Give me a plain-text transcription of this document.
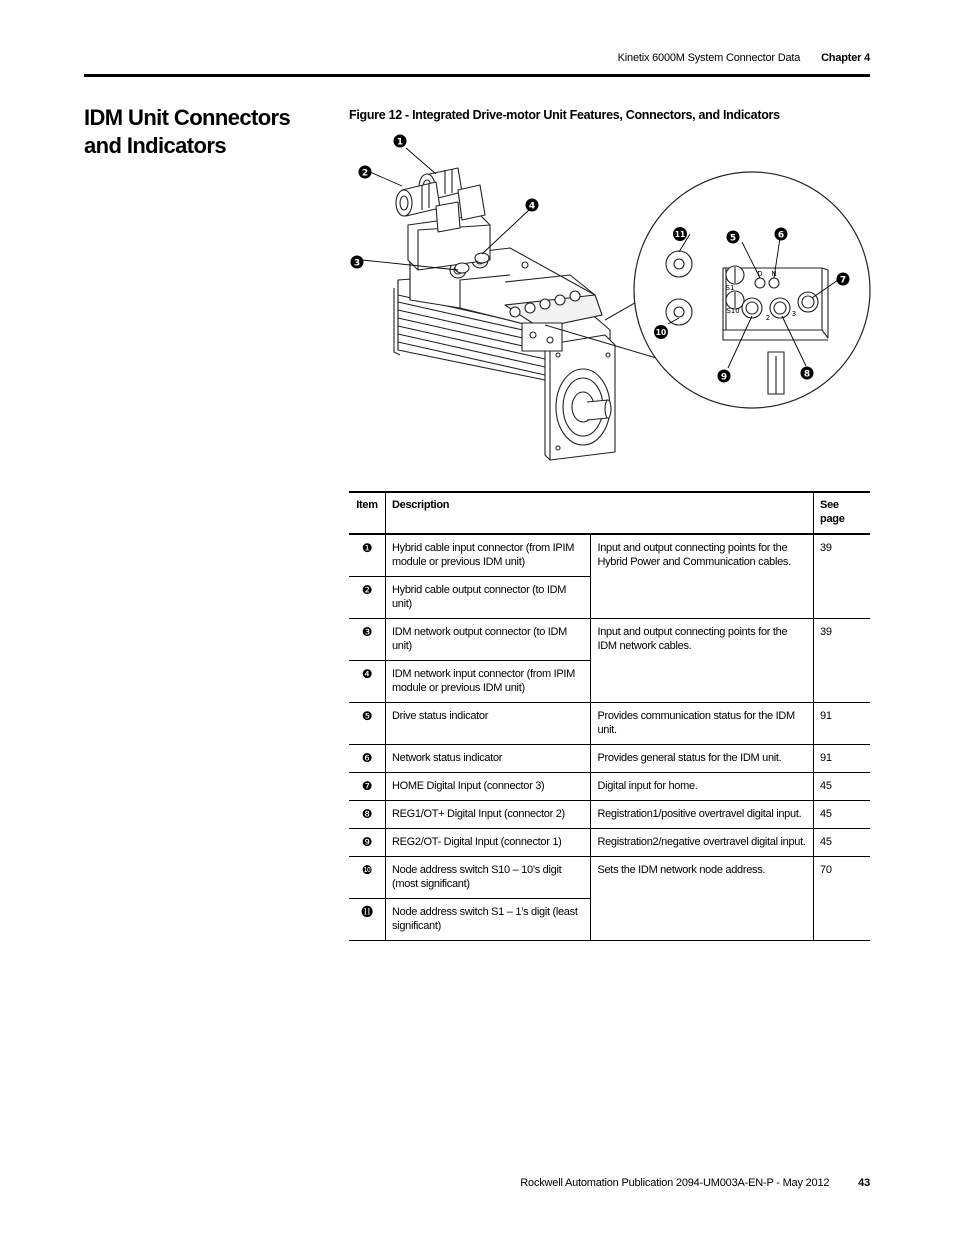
Kinetix 6000M System Connector Data Chapter 4
IDM Unit Connectors and Indicators
Figure 12 - Integrated Drive-motor Unit Features, Connectors, and Indicators
1
2
3
4
5	6
7
8
9
10
11
D N
S1
S10
2	3
Item	Description		See page
❶	Hybrid cable input connector (from IPIM module or previous IDM unit)	Input and output connecting points for the Hybrid Power and Communication cables.	39
❷	Hybrid cable output connector (to IDM unit)		
❸	IDM network output connector (to IDM unit)	Input and output connecting points for the IDM network cables.	39
❹	IDM network input connector (from IPIM module or previous IDM unit)		
❺	Drive status indicator	Provides communication status for the IDM unit.	91
❻	Network status indicator	Provides general status for the IDM unit.	91
❼	HOME Digital Input (connector 3)	Digital input for home.	45
❽	REG1/OT+ Digital Input (connector 2)	Registration1/positive overtravel digital input.	45
❾	REG2/OT- Digital Input (connector 1)	Registration2/negative overtravel digital input.	45
❿	Node address switch S10 – 10’s digit (most significant)	Sets the IDM network node address.	70
⓫	Node address switch S1 – 1’s digit (least significant)		
Rockwell Automation Publication 2094-UM003A-EN-P - May 2012	43
